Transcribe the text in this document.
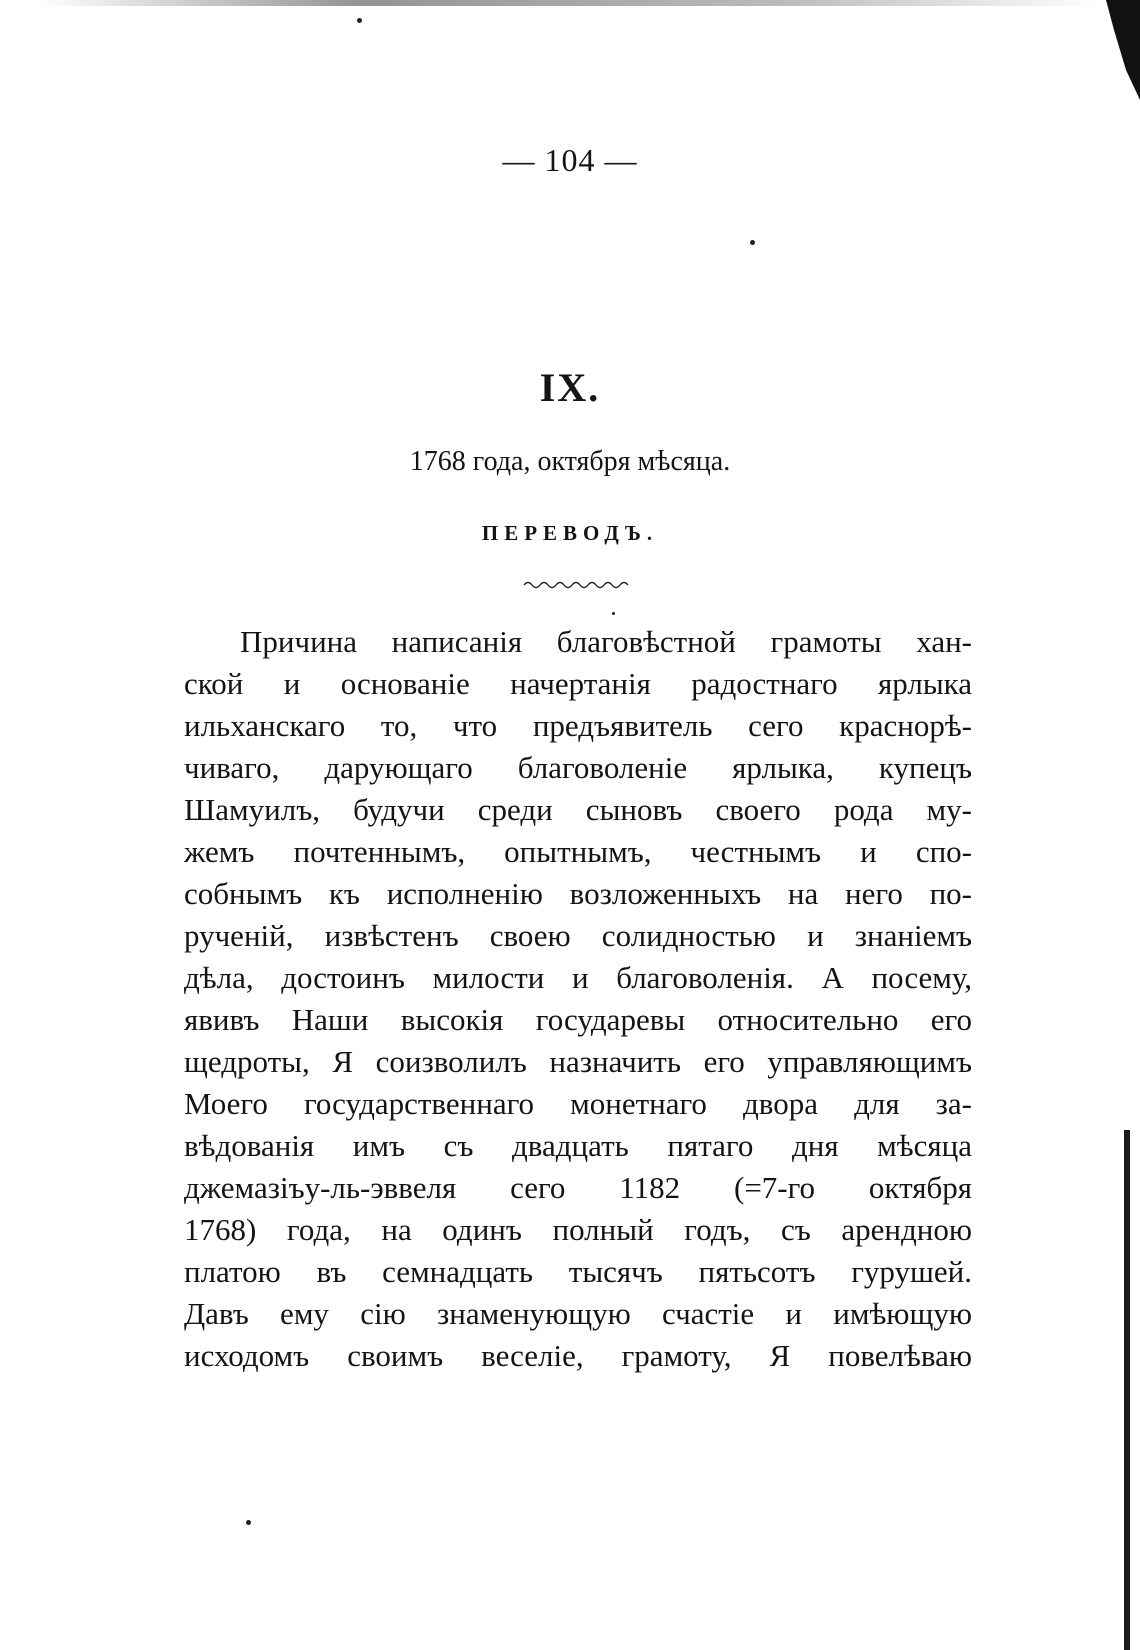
— 104 —
IX.
1768 года, октября мѣсяца.
ПЕРЕВОДЪ.
Причина написанія благовѣстной грамоты хан-
ской и основаніе начертанія радостнаго ярлыка
ильханскаго то, что предъявитель сего краснорѣ-
чиваго, дарующаго благоволеніе ярлыка, купецъ
Шамуилъ, будучи среди сыновъ своего рода му-
жемъ почтеннымъ, опытнымъ, честнымъ и спо-
собнымъ къ исполненію возложенныхъ на него по-
рученій, извѣстенъ своею солидностью и знаніемъ
дѣла, достоинъ милости и благоволенія. А посему,
явивъ Наши высокія государевы относительно его
щедроты, Я соизволилъ назначить его управляющимъ
Моего государственнаго монетнаго двора для за-
вѣдованія имъ съ двадцать пятаго дня мѣсяца
джемазіъу-ль-эввеля сего 1182 (=7-го октября
1768) года, на одинъ полный годъ, съ арендною
платою въ семнадцать тысячъ пятьсотъ гурушей.
Давъ ему сію знаменующую счастіе и имѣющую
исходомъ своимъ веселіе, грамоту, Я повелѣваю
